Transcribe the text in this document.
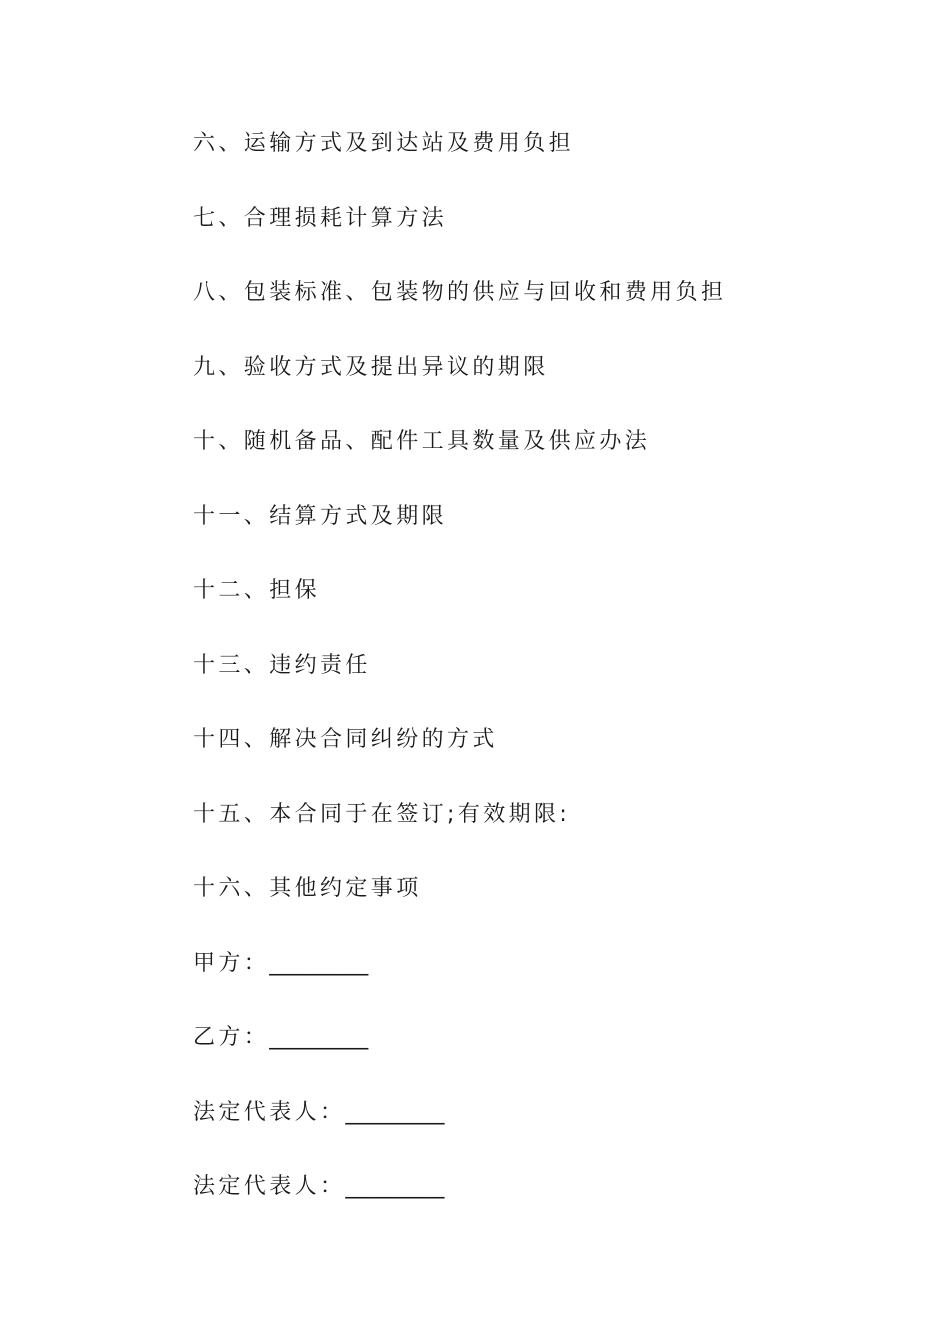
六、运输方式及到达站及费用负担
七、合理损耗计算方法
八、包装标准、包装物的供应与回收和费用负担
九、验收方式及提出异议的期限
十、随机备品、配件工具数量及供应办法
十一、结算方式及期限
十二、担保
十三、违约责任
十四、解决合同纠纷的方式
十五、本合同于在签订;有效期限:
十六、其他约定事项
甲方： _________
乙方： _________
法定代表人： _________
法定代表人： _________
